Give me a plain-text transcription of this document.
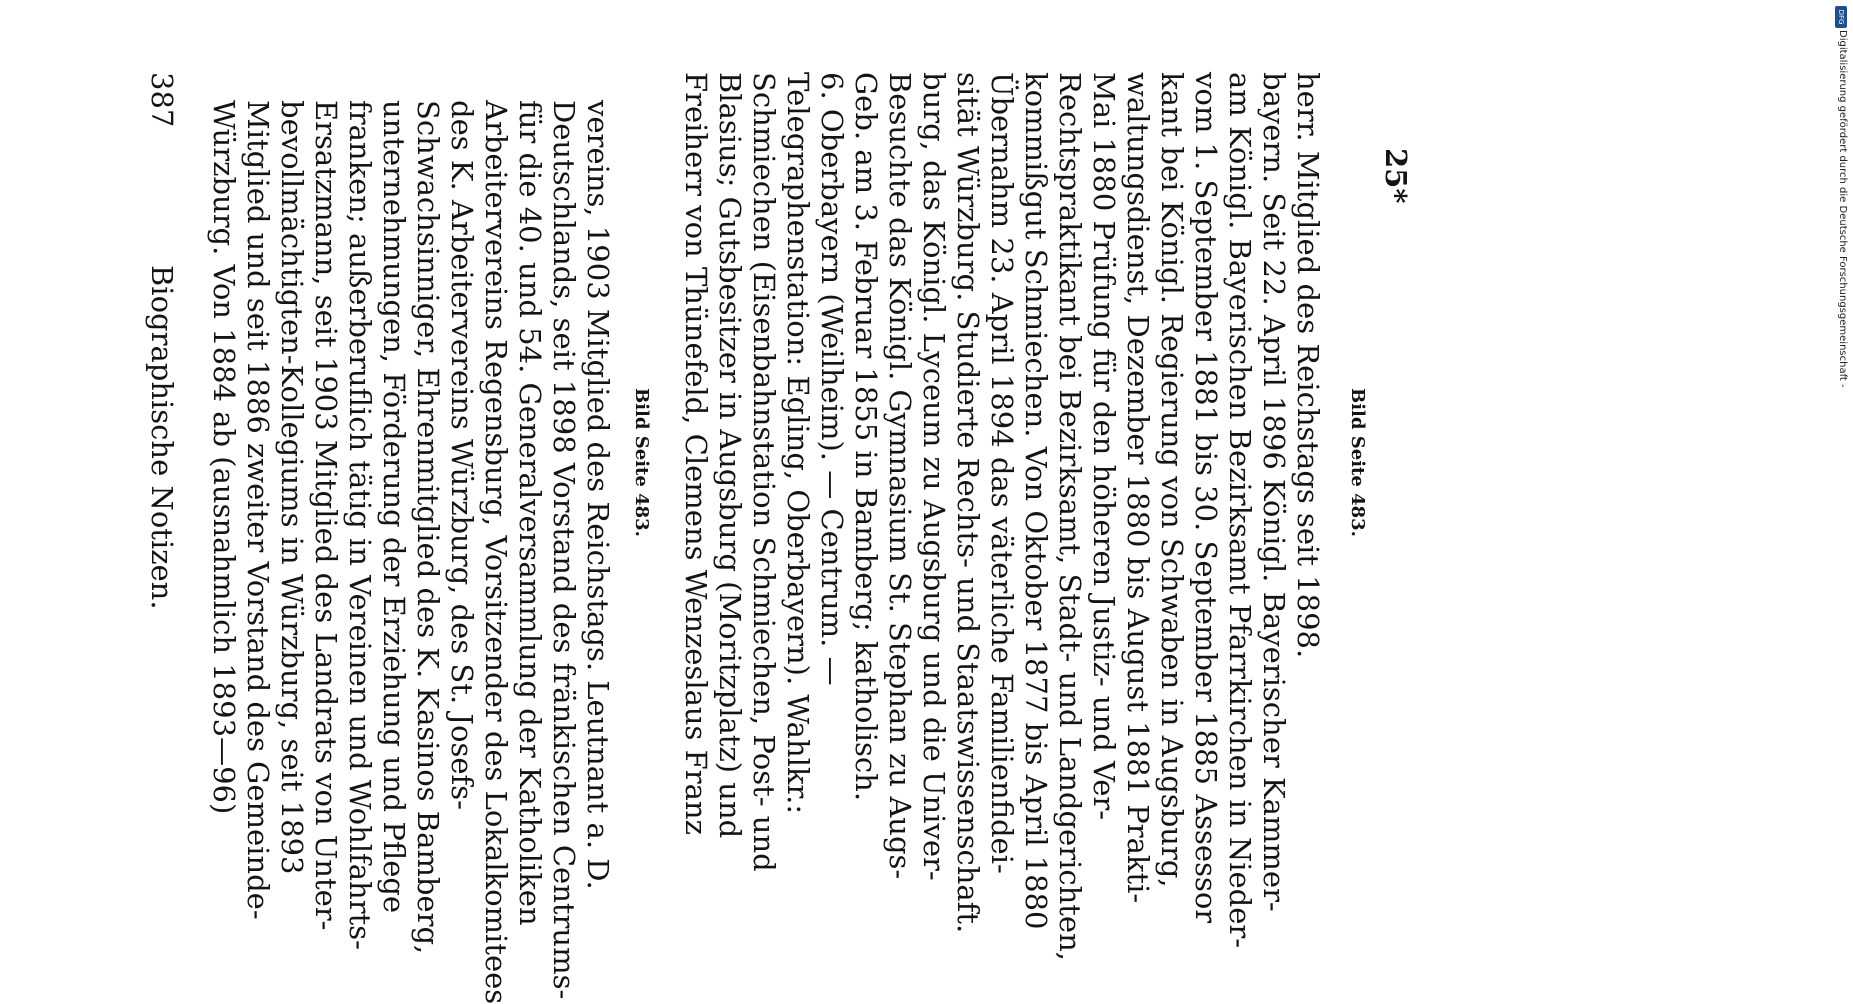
Biographische Notizen.
387
Würzburg. Von 1884 ab (ausnahmlich 1893—96) Mitglied und seit 1886 zweiter Vorstand des Gemeinde- bevollmächtigten-Kollegiums in Würzburg, seit 1893 Ersatzmann, seit 1903 Mitglied des Landrats von Unter- franken; außerberuflich tätig in Vereinen und Wohlfahrts- unternehmungen, Förderung der Erziehung und Pflege Schwachsinniger, Ehrenmitglied des K. Kasinos Bamberg, des K. Arbeitervereins Würzburg, des St. Josefs- Arbeitervereins Regensburg, Vorsitzender des Lokalkomitees für die 40. und 54. Generalversammlung der Katholiken Deutschlands, seit 1898 Vorstand des fränkischen Centrums- vereins, 1903 Mitglied des Reichstags. Leutnant a. D. Bild Seite 483. Freiherr von Thünefeld, Clemens Wenzeslaus Franz Blasius; Gutsbesitzer in Augsburg (Moritzplatz) und Schmiechen (Eisenbahnstation Schmiechen, Post- und Telegraphenstation: Egling, Oberbayern). Wahlkr.: 6. Oberbayern (Weilheim). — Centrum. — Geb. am 3. Februar 1855 in Bamberg; katholisch. Besuchte das Königl. Gymnasium St. Stephan zu Augs- burg, das Königl. Lyceum zu Augsburg und die Univer- sität Würzburg. Studierte Rechts- und Staatswissenschaft. Übernahm 23. April 1894 das väterliche Familienfidei- kommißgut Schmiechen. Von Oktober 1877 bis April 1880 Rechtspraktikant bei Bezirksamt, Stadt- und Landgerichten, Mai 1880 Prüfung für den höheren Justiz- und Ver- waltungsdienst, Dezember 1880 bis August 1881 Prakti- kant bei Königl. Regierung von Schwaben in Augsburg, vom 1. September 1881 bis 30. September 1885 Assessor am Königl. Bayerischen Bezirksamt Pfarrkirchen in Nieder- bayern. Seit 22. April 1896 Königl. Bayerischer Kammer- herr. Mitglied des Reichstags seit 1898. Bild Seite 483.
25*
DFG
Digitalisierung gefördert durch die Deutsche Forschungsgemeinschaft -
